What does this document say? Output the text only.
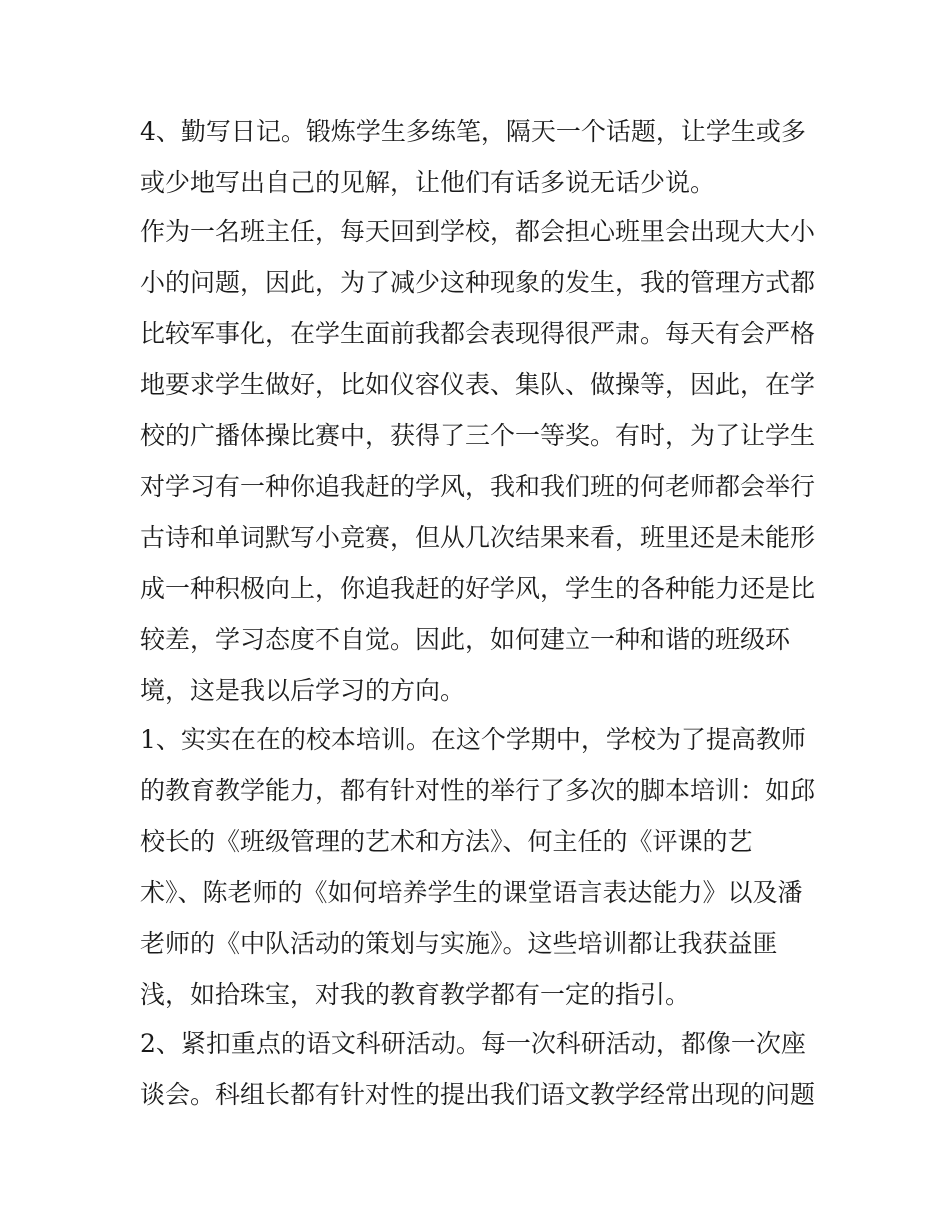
4、勤写日记。锻炼学生多练笔，隔天一个话题，让学生或多
或少地写出自己的见解，让他们有话多说无话少说。
作为一名班主任，每天回到学校，都会担心班里会出现大大小
小的问题，因此，为了减少这种现象的发生，我的管理方式都
比较军事化，在学生面前我都会表现得很严肃。每天有会严格
地要求学生做好，比如仪容仪表、集队、做操等，因此，在学
校的广播体操比赛中，获得了三个一等奖。有时，为了让学生
对学习有一种你追我赶的学风，我和我们班的何老师都会举行
古诗和单词默写小竞赛，但从几次结果来看，班里还是未能形
成一种积极向上，你追我赶的好学风，学生的各种能力还是比
较差，学习态度不自觉。因此，如何建立一种和谐的班级环
境，这是我以后学习的方向。
1、实实在在的校本培训。在这个学期中，学校为了提高教师
的教育教学能力，都有针对性的举行了多次的脚本培训：如邱
校长的《班级管理的艺术和方法》、何主任的《评课的艺
术》、陈老师的《如何培养学生的课堂语言表达能力》以及潘
老师的《中队活动的策划与实施》。这些培训都让我获益匪
浅，如拾珠宝，对我的教育教学都有一定的指引。
2、紧扣重点的语文科研活动。每一次科研活动，都像一次座
谈会。科组长都有针对性的提出我们语文教学经常出现的问题
